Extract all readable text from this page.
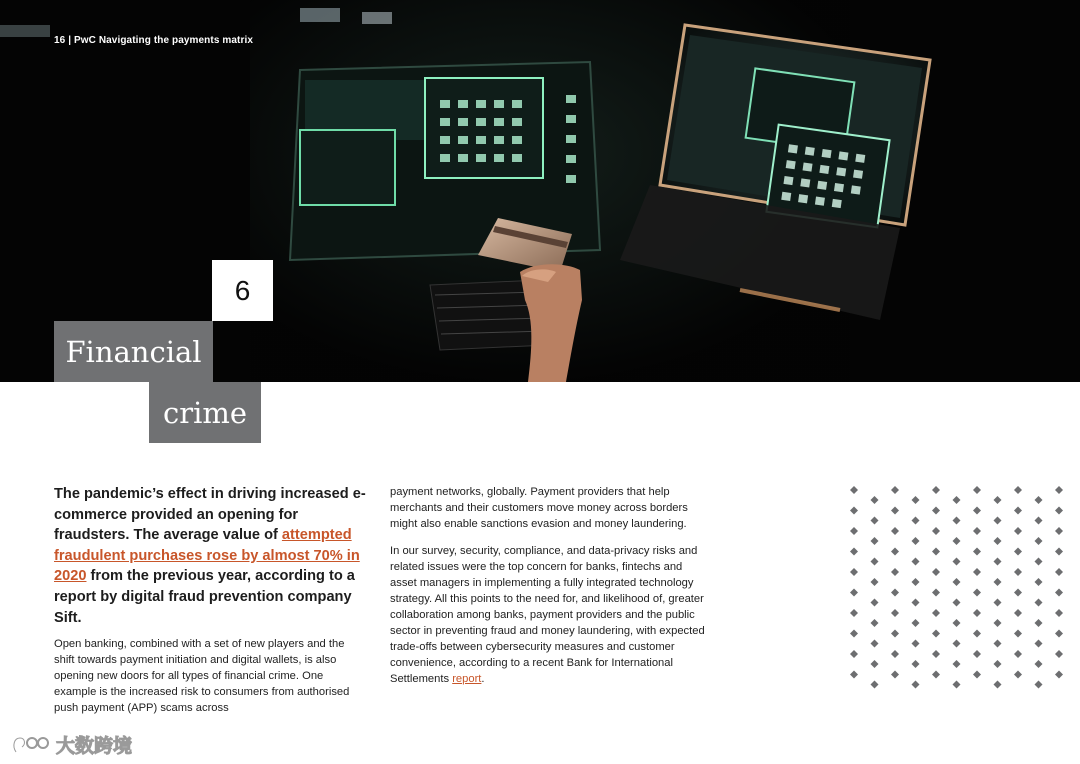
16 | PwC Navigating the payments matrix
6
Financial
crime
The pandemic’s effect in driving increased e-commerce provided an opening for fraudsters. The average value of attempted fraudulent purchases rose by almost 70% in 2020 from the previous year, according to a report by digital fraud prevention company Sift.
Open banking, combined with a set of new players and the shift towards payment initiation and digital wallets, is also opening new doors for all types of financial crime. One example is the increased risk to consumers from authorised push payment (APP) scams across

payment networks, globally. Payment providers that help merchants and their customers move money across borders might also enable sanctions evasion and money laundering.

In our survey, security, compliance, and data-privacy risks and related issues were the top concern for banks, fintechs and asset managers in implementing a fully integrated technology strategy. All this points to the need for, and likelihood of, greater collaboration among banks, payment providers and the public sector in preventing fraud and money laundering, with expected trade-offs between cybersecurity measures and customer convenience, according to a recent Bank for International Settlements report.

大数跨境
